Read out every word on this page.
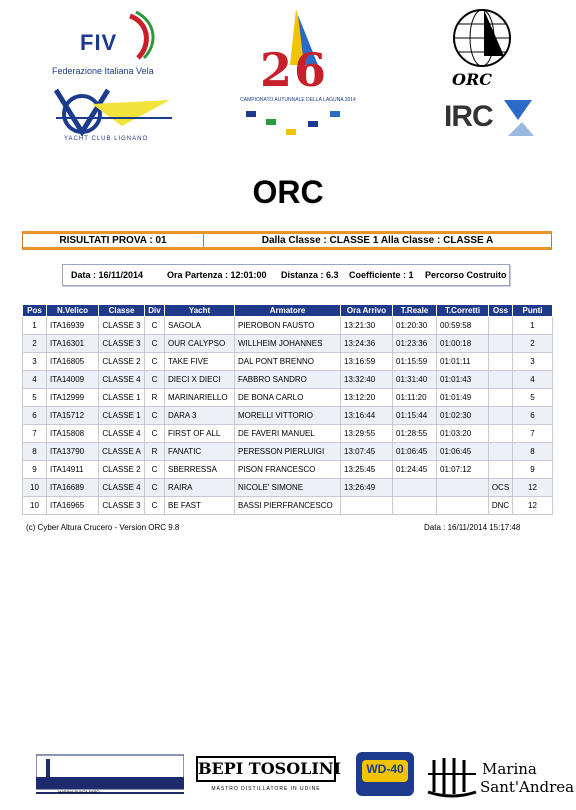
FIV
Federazione Italiana Vela
YACHT CLUB LIGNANO
26
CAMPIONATO AUTUNNALE DELLA LAGUNA 2014
ORC
IRC
ORC
RISULTATI PROVA : 01	Dalla Classe : CLASSE 1 Alla Classe : CLASSE A
Data : 16/11/2014	Ora Partenza : 12:01:00 Distanza : 6.3 Coefficiente : 1 Percorso Costruito
Pos	N.Velico	Classe	Div	Yacht	Armatore	Ora Arrivo	T.Reale	T.Corretti	Oss	Punti
1	ITA16939	CLASSE 3	C	SAGOLA	PIEROBON FAUSTO	13:21:30	01:20:30	00:59:58		1
2	ITA16301	CLASSE 3	C	OUR CALYPSO	WILLHEIM JOHANNES	13:24:36	01:23:36	01:00:18		2
3	ITA16805	CLASSE 2	C	TAKE FIVE	DAL PONT BRENNO	13:16:59	01:15:59	01:01:11		3
4	ITA14009	CLASSE 4	C	DIECI X DIECI	FABBRO SANDRO	13:32:40	01:31:40	01:01:43		4
5	ITA12999	CLASSE 1	R	MARINARIELLO	DE BONA CARLO	13:12:20	01:11:20	01:01:49		5
6	ITA15712	CLASSE 1	C	DARA 3	MORELLI VITTORIO	13:16:44	01:15:44	01:02:30		6
7	ITA15808	CLASSE 4	C	FIRST OF ALL	DE FAVERI MANUEL	13:29:55	01:28:55	01:03:20		7
8	ITA13790	CLASSE A	R	FANATIC	PERESSON PIERLUIGI	13:07:45	01:06:45	01:06:45		8
9	ITA14911	CLASSE 2	C	SBERRESSA	PISON FRANCESCO	13:25:45	01:24:45	01:07:12		9
10	ITA16689	CLASSE 4	C	RAIRA	NICOLE' SIMONE	13:26:49			OCS	12
10	ITA16965	CLASSE 3	C	BE FAST	BASSI PIERFRANCESCO				DNC	12
(c) Cyber Altura Crucero - Version ORC 9.8	Data : 16/11/2014 15:17:48
MARINA PUNTA FARO
BEPI TOSOLINI
MASTRO DISTILLATORE IN UDINE
WD-40	Marina
Sant'Andrea
